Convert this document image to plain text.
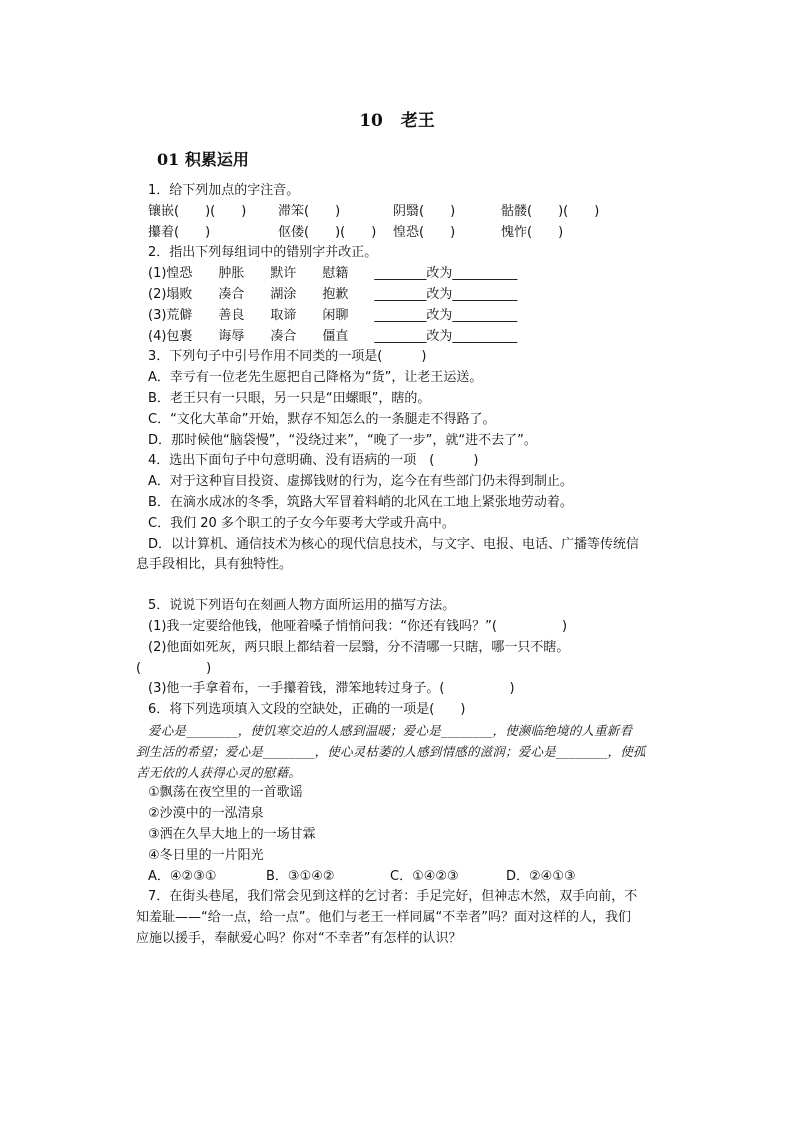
10 老王
01 积累运用
1．给下列加点的字注音。
镶嵌(　　)(　　)	滞笨(　　)	阴翳(　　)	骷髅(　　)(　　)
攥着(　　)	伛偻(　　)(　　)	惶恐(　　)	愧怍(　　)
2．指出下列每组词中的错别字并改正。
(1)惶恐 肿胀 默许 慰籍 ________改为__________
(2)塌败 凑合 湖涂 抱歉 ________改为__________
(3)荒僻 善良 取谛 闲聊 ________改为__________
(4)包裹 诲辱 凑合 僵直 ________改为__________
3．下列句子中引号作用不同类的一项是(　　　)
A．幸亏有一位老先生愿把自己降格为“货”，让老王运送。
B．老王只有一只眼，另一只是“田螺眼”，瞎的。
C．“文化大革命”开始，默存不知怎么的一条腿走不得路了。
D．那时候他“脑袋慢”，“没绕过来”，“晚了一步”，就“进不去了”。
4．选出下面句子中句意明确、没有语病的一项　(　　　)
A．对于这种盲目投资、虚掷钱财的行为，迄今在有些部门仍未得到制止。
B．在滴水成冰的冬季，筑路大军冒着料峭的北风在工地上紧张地劳动着。
C．我们 20 多个职工的子女今年要考大学或升高中。
D．以计算机、通信技术为核心的现代信息技术，与文字、电报、电话、广播等传统信
息手段相比，具有独特性。
5．说说下列语句在刻画人物方面所运用的描写方法。
(1)我一定要给他钱，他哑着嗓子悄悄问我：“你还有钱吗？”(　　　　　)
(2)他面如死灰，两只眼上都结着一层翳，分不清哪一只瞎，哪一只不瞎。
(　　　　　)
(3)他一手拿着布，一手攥着钱，滞笨地转过身子。(　　　　　)
6．将下列选项填入文段的空缺处，正确的一项是(　　)
爱心是________，使饥寒交迫的人感到温暖；爱心是________，使濒临绝境的人重新看
到生活的希望；爱心是________，使心灵枯萎的人感到情感的滋润；爱心是________，使孤
苦无依的人获得心灵的慰藉。
①飘荡在夜空里的一首歌谣
②沙漠中的一泓清泉
③洒在久旱大地上的一场甘霖
④冬日里的一片阳光
A．④②③①	B．③①④②	C．①④②③	D．②④①③
7．在街头巷尾，我们常会见到这样的乞讨者：手足完好，但神志木然，双手向前，不
知羞耻——“给一点，给一点”。他们与老王一样同属“不幸者”吗？面对这样的人，我们
应施以援手，奉献爱心吗？你对“不幸者”有怎样的认识？
